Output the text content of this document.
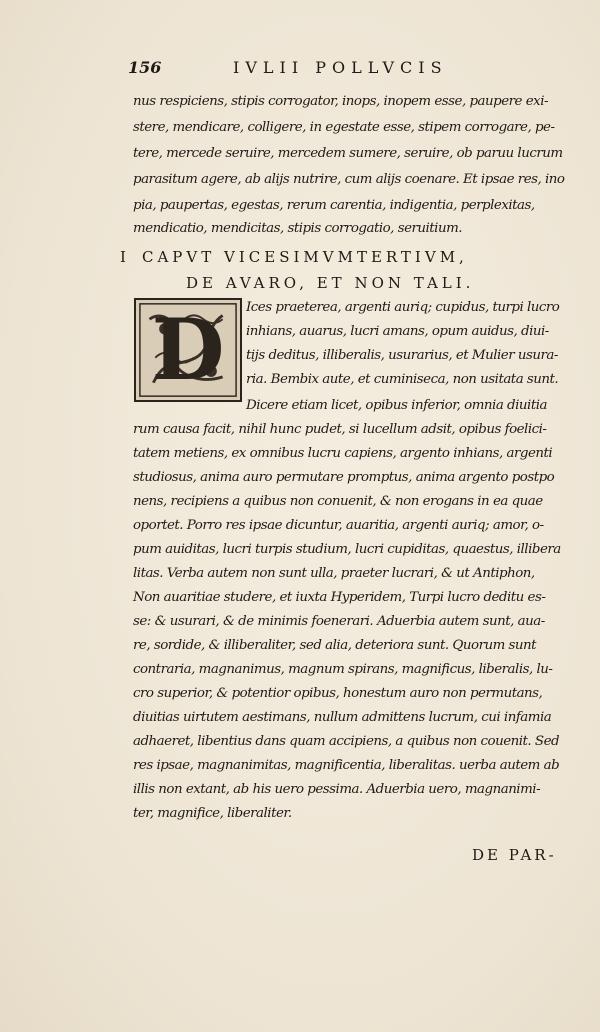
156	IVLII POLLVCIS
nus respiciens, stipis corrogator, inops, inopem esse, paupere exi-
stere, mendicare, colligere, in egestate esse, stipem corrogare, pe-
tere, mercede seruire, mercedem sumere, seruire, ob paruu lucrum
parasitum agere, ab alijs nutrire, cum alijs coenare. Et ipsae res, ino
pia, paupertas, egestas, rerum carentia, indigentia, perplexitas,
mendicatio, mendicitas, stipis corrogatio, seruitium.
I CAPVT VICESIMVMTERTIVM,
DE AVARO, ET NON TALI.
D	Ices praeterea, argenti auriq; cupidus, turpi lucro
inhians, auarus, lucri amans, opum auidus, diui-
tijs deditus, illiberalis, usurarius, et Mulier usura-
ria. Bembix aute, et cuminiseca, non usitata sunt.
Dicere etiam licet, opibus inferior, omnia diuitia
rum causa facit, nihil hunc pudet, si lucellum adsit, opibus foelici-
tatem metiens, ex omnibus lucru capiens, argento inhians, argenti
studiosus, anima auro permutare promptus, anima argento postpo
nens, recipiens a quibus non conuenit, & non erogans in ea quae
oportet. Porro res ipsae dicuntur, auaritia, argenti auriq; amor, o-
pum auiditas, lucri turpis studium, lucri cupiditas, quaestus, illibera
litas. Verba autem non sunt ulla, praeter lucrari, & ut Antiphon,
Non auaritiae studere, et iuxta Hyperidem, Turpi lucro deditu es-
se: & usurari, & de minimis foenerari. Aduerbia autem sunt, aua-
re, sordide, & illiberaliter, sed alia, deteriora sunt. Quorum sunt
contraria, magnanimus, magnum spirans, magnificus, liberalis, lu-
cro superior, & potentior opibus, honestum auro non permutans,
diuitias uirtutem aestimans, nullum admittens lucrum, cui infamia
adhaeret, libentius dans quam accipiens, a quibus non couenit. Sed
res ipsae, magnanimitas, magnificentia, liberalitas. uerba autem ab
illis non extant, ab his uero pessima. Aduerbia uero, magnanimi-
ter, magnifice, liberaliter.
DE PAR-
